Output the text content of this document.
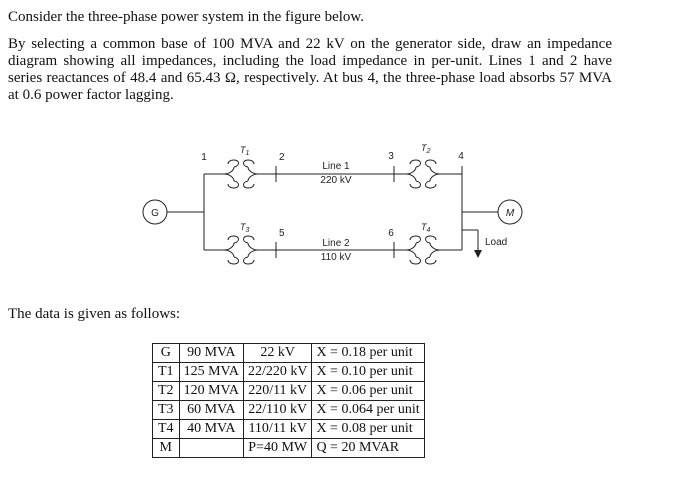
Consider the three-phase power system in the figure below.

By selecting a common base of 100 MVA and 22 kV on the generator side, draw an impedance diagram showing all impedances, including the load impedance in per-unit. Lines 1 and 2 have series reactances of 48.4 and 65.43 Ω, respectively. At bus 4, the three-phase load absorbs 57 MVA at 0.6 power factor lagging.

G
1
$T_1$	2
Line 1
220 kV
3
$T_2$	4
M
Load
$T_3$	5
Line 2
110 kV
6
$T_4$

The data is given as follows:

G	90 MVA	22 kV	X = 0.18 per unit
T1	125 MVA	22/220 kV	X = 0.10 per unit
T2	120 MVA	220/11 kV	X = 0.06 per unit
T3	60 MVA	22/110 kV	X = 0.064 per unit
T4	40 MVA	110/11 kV	X = 0.08 per unit
M		P=40 MW	Q = 20 MVAR
